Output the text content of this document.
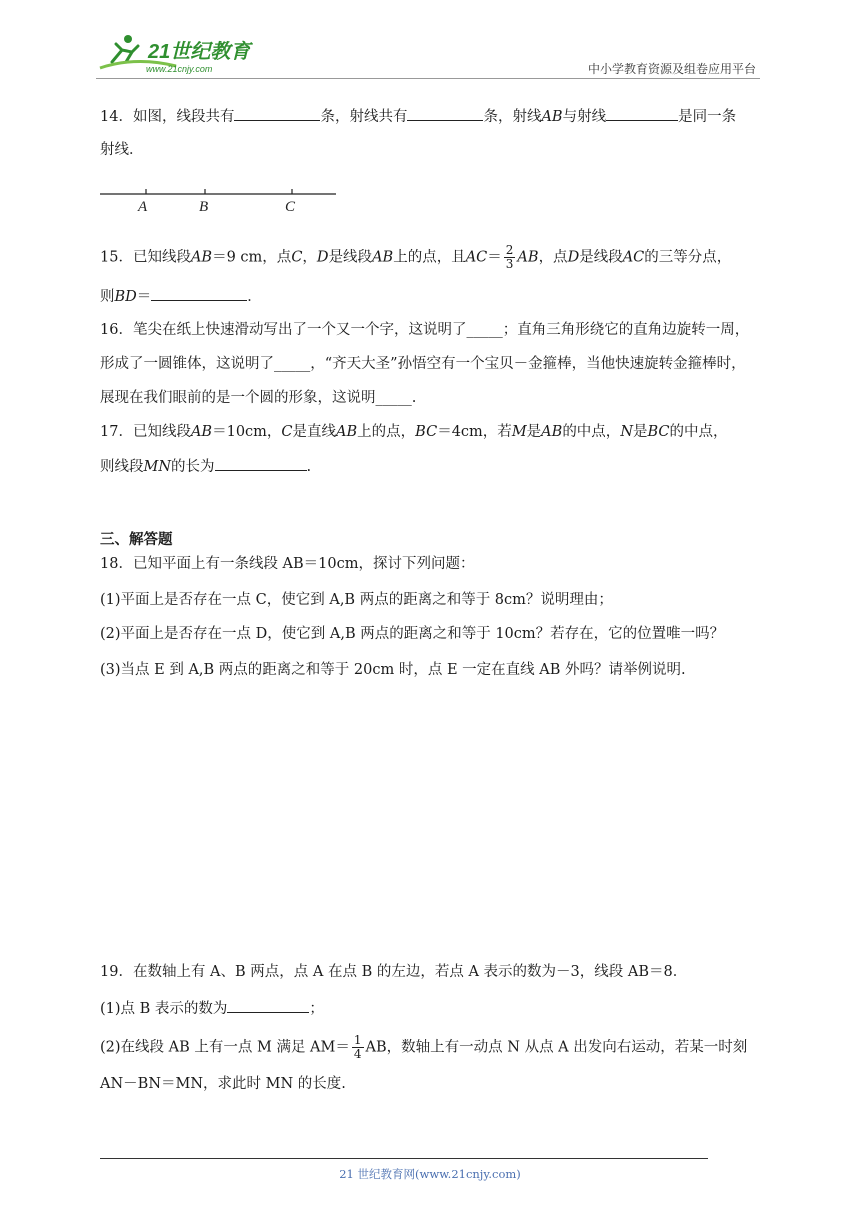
21世纪教育
www.21cnjy.com	中小学教育资源及组卷应用平台
14．如图，线段共有	条，射线共有	条，射线AB与射线	是同一条
射线．
A	B	C
15．已知线段AB＝9 cm，点C，D是线段AB上的点，且$AC= \frac{2}{3}$ AB，点D是线段AC的三等分点，
则BD＝	．
16．笔尖在纸上快速滑动写出了一个又一个字，这说明了_____；直角三角形绕它的直角边旋转一周，
形成了一圆锥体，这说明了_____，“齐天大圣”孙悟空有一个宝贝－金箍棒，当他快速旋转金箍棒时，
展现在我们眼前的是一个圆的形象，这说明_____.
17．已知线段AB＝10cm，C是直线AB上的点，BC＝4cm，若M是AB的中点，N是BC的中点，
则线段MN的长为	.
三、解答题
18．已知平面上有一条线段 AB＝10cm，探讨下列问题：
(1)平面上是否存在一点 C，使它到 A,B 两点的距离之和等于 8cm？说明理由；
(2)平面上是否存在一点 D，使它到 A,B 两点的距离之和等于 10cm？若存在，它的位置唯一吗？
(3)当点 E 到 A,B 两点的距离之和等于 20cm 时，点 E 一定在直线 AB 外吗？请举例说明.
19．在数轴上有 A、B 两点，点 A 在点 B 的左边，若点 A 表示的数为－3，线段 AB＝8．
(1)点 B 表示的数为	；
(2)在线段 AB 上有一点 M 满足 $AM= \frac{1}{4}$ AB，数轴上有一动点 N 从点 A 出发向右运动，若某一时刻
AN－BN＝MN，求此时 MN 的长度.
21 世纪教育网(www.21cnjy.com)
